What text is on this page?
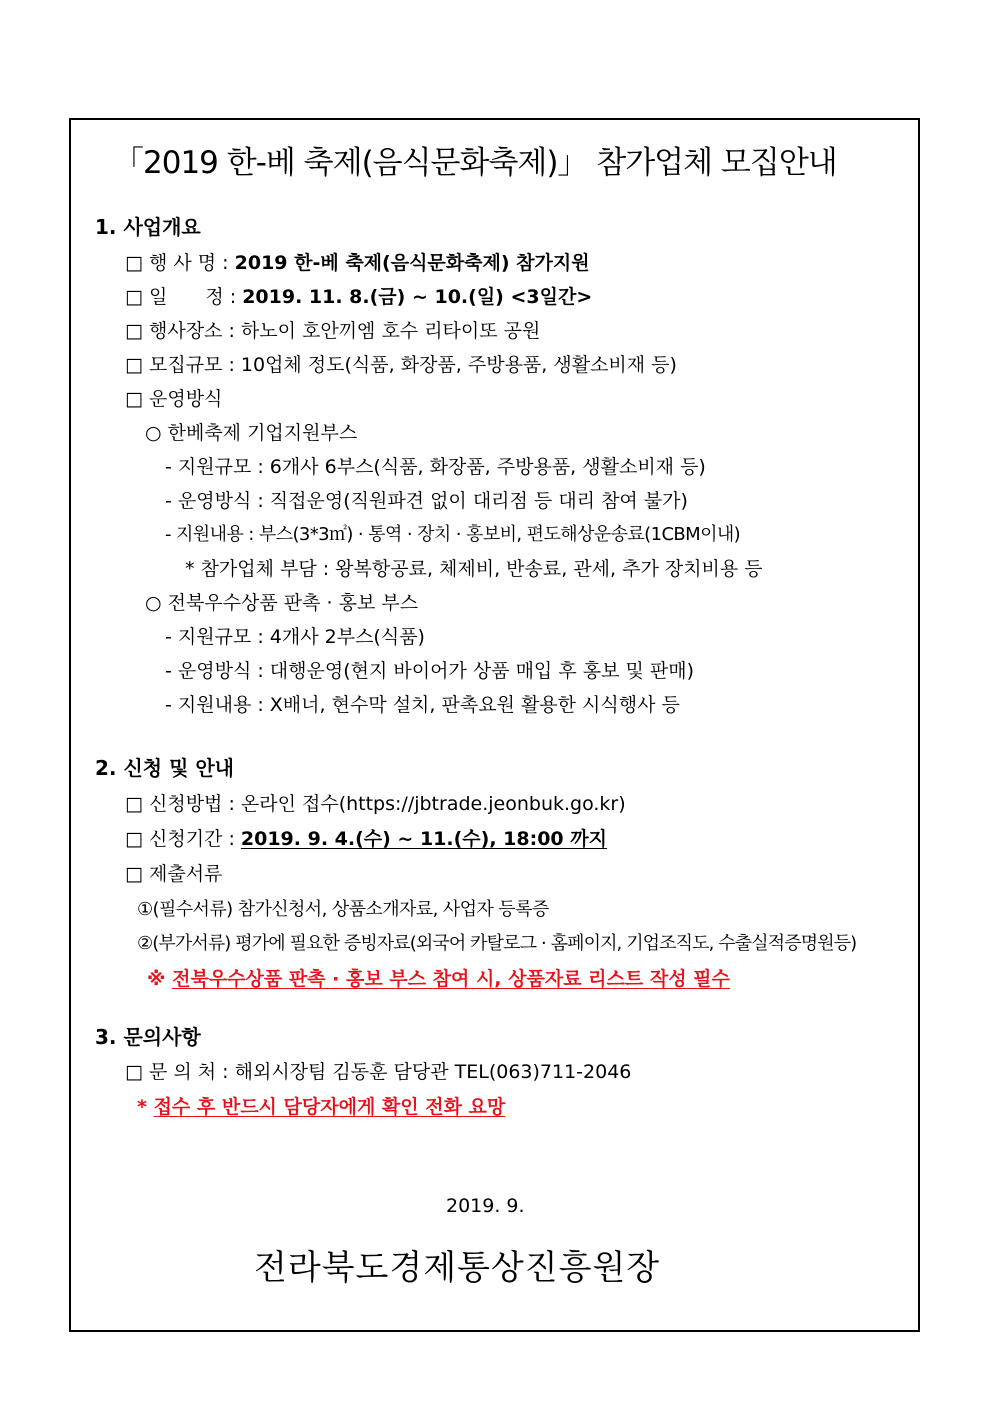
「2019 한-베 축제(음식문화축제)」 참가업체 모집안내
1. 사업개요
□ 행 사 명 : 2019 한-베 축제(음식문화축제) 참가지원
□ 일　　정 : 2019. 11. 8.(금) ~ 10.(일) <3일간>
□ 행사장소 : 하노이 호안끼엠 호수 리타이또 공원
□ 모집규모 : 10업체 정도(식품, 화장품, 주방용품, 생활소비재 등)
□ 운영방식
○ 한베축제 기업지원부스
- 지원규모 : 6개사 6부스(식품, 화장품, 주방용품, 생활소비재 등)
- 운영방식 : 직접운영(직원파견 없이 대리점 등 대리 참여 불가)
- 지원내용 : 부스(3*3㎡) · 통역 · 장치 · 홍보비, 편도해상운송료(1CBM이내)
* 참가업체 부담 : 왕복항공료, 체제비, 반송료, 관세, 추가 장치비용 등
○ 전북우수상품 판촉 · 홍보 부스
- 지원규모 : 4개사 2부스(식품)
- 운영방식 : 대행운영(현지 바이어가 상품 매입 후 홍보 및 판매)
- 지원내용 : X배너, 현수막 설치, 판촉요원 활용한 시식행사 등
2. 신청 및 안내
□ 신청방법 : 온라인 접수(https://jbtrade.jeonbuk.go.kr)
□ 신청기간 : 2019. 9. 4.(수) ~ 11.(수), 18:00 까지
□ 제출서류
①(필수서류) 참가신청서, 상품소개자료, 사업자 등록증
②(부가서류) 평가에 필요한 증빙자료(외국어 카탈로그 · 홈페이지, 기업조직도, 수출실적증명원등)
※ 전북우수상품 판촉 · 홍보 부스 참여 시, 상품자료 리스트 작성 필수
3. 문의사항
□ 문 의 처 : 해외시장팀 김동훈 담당관 TEL(063)711-2046
* 접수 후 반드시 담당자에게 확인 전화 요망
2019. 9.
전라북도경제통상진흥원장
